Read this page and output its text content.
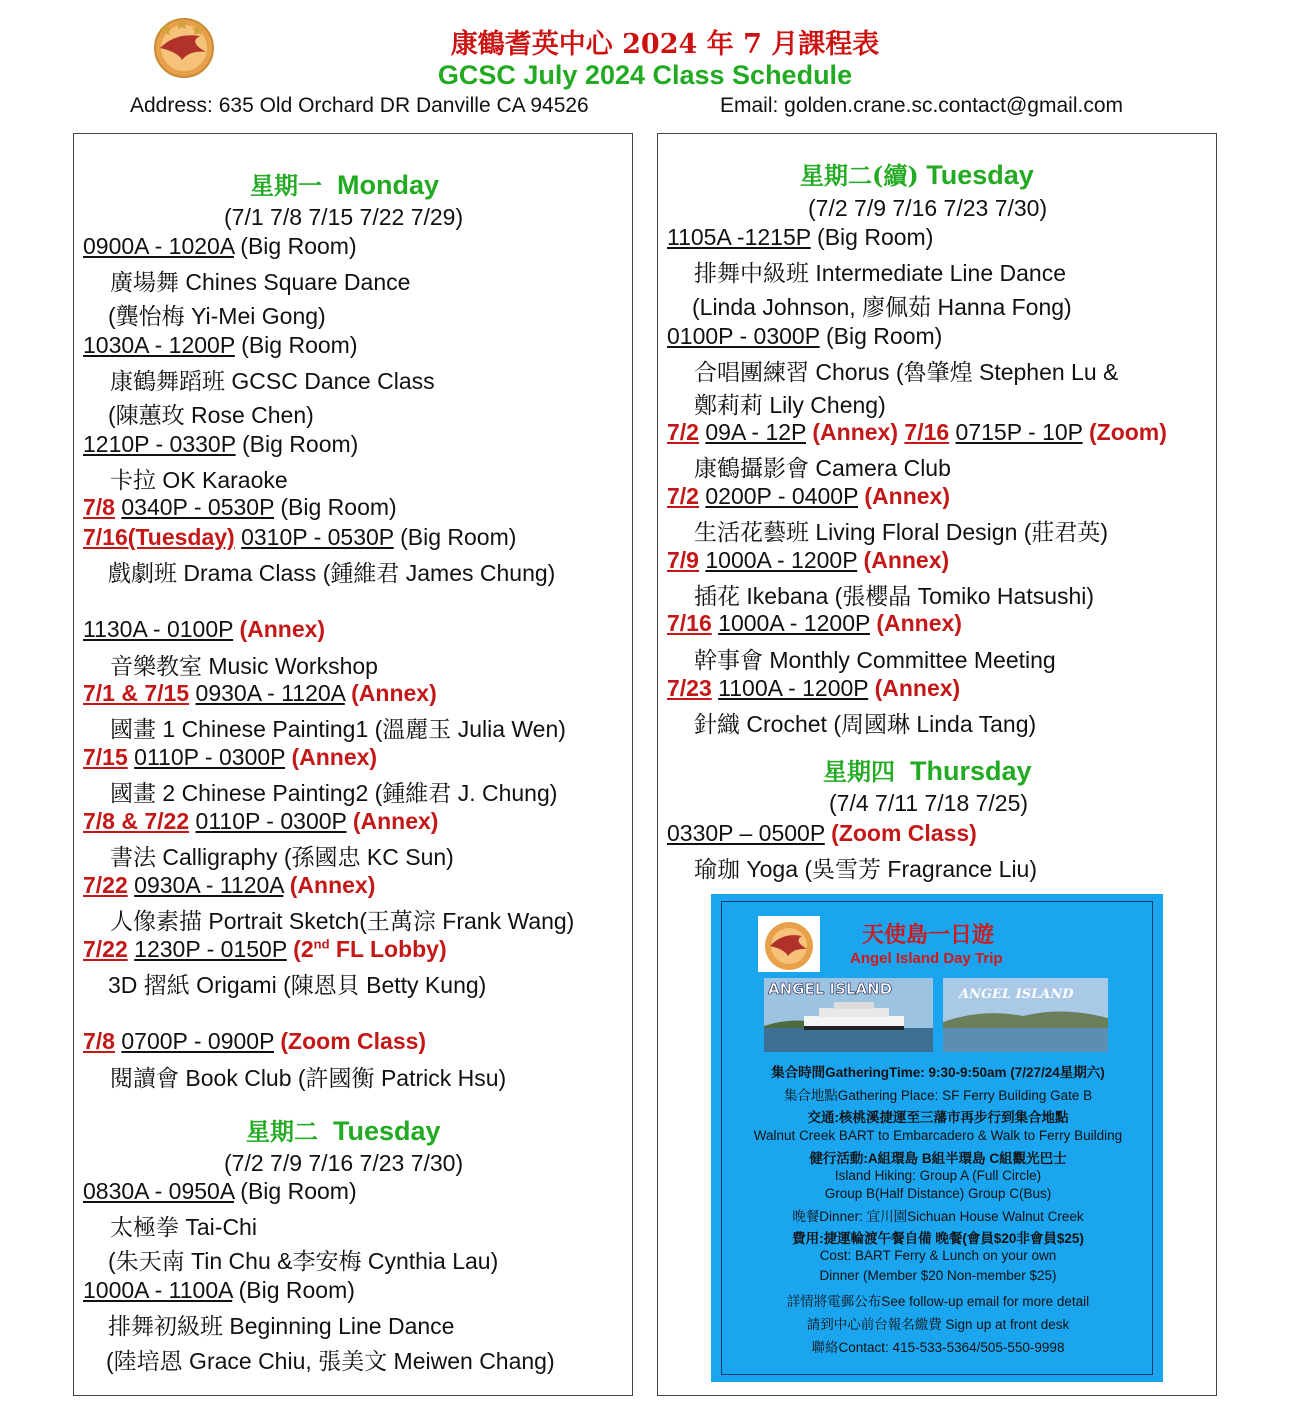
康鶴耆英中心 2024 年 7 月課程表
GCSC July 2024 Class Schedule
Address: 635 Old Orchard DR Danville CA 94526	Email: golden.crane.sc.contact@gmail.com
星期一 Monday
(7/1 7/8 7/15 7/22 7/29)
0900A - 1020A (Big Room)
廣場舞 Chines Square Dance
(龔怡梅 Yi-Mei Gong)
1030A - 1200P (Big Room)
康鶴舞蹈班 GCSC Dance Class
(陳蕙玫 Rose Chen)
1210P - 0330P (Big Room)
卡拉 OK Karaoke
7/8 0340P - 0530P (Big Room)
7/16(Tuesday) 0310P - 0530P (Big Room)
戲劇班 Drama Class (鍾維君 James Chung)
1130A - 0100P (Annex)
音樂教室 Music Workshop
7/1 & 7/15 0930A - 1120A (Annex)
國畫 1 Chinese Painting1 (溫麗玉 Julia Wen)
7/15 0110P - 0300P (Annex)
國畫 2 Chinese Painting2 (鍾維君 J. Chung)
7/8 & 7/22 0110P - 0300P (Annex)
書法 Calligraphy (孫國忠 KC Sun)
7/22 0930A - 1120A (Annex)
人像素描 Portrait Sketch(王萬淙 Frank Wang)
7/22 1230P - 0150P (2nd FL Lobby)
3D 摺紙 Origami (陳恩貝 Betty Kung)
7/8 0700P - 0900P (Zoom Class)
閱讀會 Book Club (許國衡 Patrick Hsu)
星期二 Tuesday
(7/2 7/9 7/16 7/23 7/30)
0830A - 0950A (Big Room)
太極拳 Tai-Chi
(朱天南 Tin Chu &李安梅 Cynthia Lau)
1000A - 1100A (Big Room)
排舞初級班 Beginning Line Dance
(陸培恩 Grace Chiu, 張美文 Meiwen Chang)
星期二(續) Tuesday
(7/2 7/9 7/16 7/23 7/30)
1105A -1215P (Big Room)
排舞中級班 Intermediate Line Dance
(Linda Johnson, 廖佩茹 Hanna Fong)
0100P - 0300P (Big Room)
合唱團練習 Chorus (魯肇煌 Stephen Lu &
鄭莉莉 Lily Cheng)
7/2 09A - 12P (Annex) 7/16 0715P - 10P (Zoom)
康鶴攝影會 Camera Club
7/2 0200P - 0400P (Annex)
生活花藝班 Living Floral Design (莊君英)
7/9 1000A - 1200P (Annex)
插花 Ikebana (張櫻晶 Tomiko Hatsushi)
7/16 1000A - 1200P (Annex)
幹事會 Monthly Committee Meeting
7/23 1100A - 1200P (Annex)
針織 Crochet (周國琳 Linda Tang)
星期四 Thursday
(7/4 7/11 7/18 7/25)
0330P – 0500P (Zoom Class)
瑜珈 Yoga (吳雪芳 Fragrance Liu)
天使島一日遊
Angel Island Day Trip
ANGEL ISLAND	ANGEL ISLAND
集合時間GatheringTime: 9:30-9:50am (7/27/24星期六)
集合地點Gathering Place: SF Ferry Building Gate B
交通:核桃溪捷運至三藩市再步行到集合地點
Walnut Creek BART to Embarcadero & Walk to Ferry Building
健行活動:A組環島 B組半環島 C組觀光巴士
Island Hiking: Group A (Full Circle)
Group B(Half Distance) Group C(Bus)
晚餐Dinner: 宜川園Sichuan House Walnut Creek
費用:捷運輪渡午餐自備 晚餐(會員$20非會員$25)
Cost: BART Ferry & Lunch on your own
Dinner (Member $20 Non-member $25)
詳情將電郵公布See follow-up email for more detail
請到中心前台報名繳費 Sign up at front desk
聯絡Contact: 415-533-5364/505-550-9998
